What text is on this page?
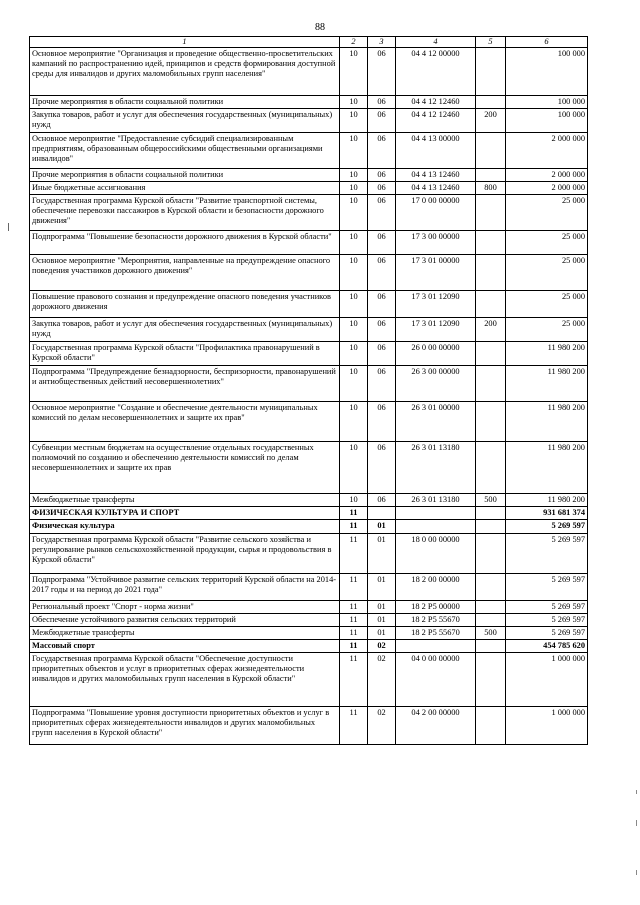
88
1	2	3	4	5	6
Основное мероприятие "Организация и проведение общественно-просветительских кампаний по распространению идей, принципов и средств формирования доступной среды для инвалидов и других маломобильных групп населения"	10	06	04 4 12 00000		100 000
Прочие мероприятия в области социальной политики	10	06	04 4 12 12460		100 000
Закупка товаров, работ и услуг для обеспечения государственных (муниципальных) нужд	10	06	04 4 12 12460	200	100 000
Основное мероприятие "Предоставление субсидий специализированным предприятиям, образованным общероссийскими общественными организациями инвалидов"	10	06	04 4 13 00000		2 000 000
Прочие мероприятия в области социальной политики	10	06	04 4 13 12460		2 000 000
Иные бюджетные ассигнования	10	06	04 4 13 12460	800	2 000 000
Государственная программа Курской области "Развитие транспортной системы, обеспечение перевозки пассажиров в Курской области и безопасности дорожного движения"	10	06	17 0 00 00000		25 000
Подпрограмма "Повышение безопасности дорожного движения в Курской области"	10	06	17 3 00 00000		25 000
Основное мероприятие "Мероприятия, направленные на предупреждение опасного поведения участников дорожного движения"	10	06	17 3 01 00000		25 000
Повышение правового сознания и предупреждение опасного поведения участников дорожного движения	10	06	17 3 01 12090		25 000
Закупка товаров, работ и услуг для обеспечения государственных (муниципальных) нужд	10	06	17 3 01 12090	200	25 000
Государственная программа Курской области "Профилактика правонарушений в Курской области"	10	06	26 0 00 00000		11 980 200
Подпрограмма "Предупреждение безнадзорности, беспризорности, правонарушений и антиобщественных действий несовершеннолетних"	10	06	26 3 00 00000		11 980 200
Основное мероприятие "Создание и обеспечение деятельности муниципальных комиссий по делам несовершеннолетних и защите их прав"	10	06	26 3 01 00000		11 980 200
Субвенции местным бюджетам на осуществление отдельных государственных полномочий по созданию и обеспечению деятельности комиссий по делам несовершеннолетних и защите их прав	10	06	26 3 01 13180		11 980 200
Межбюджетные трансферты	10	06	26 3 01 13180	500	11 980 200
ФИЗИЧЕСКАЯ КУЛЬТУРА И СПОРТ	11				931 681 374
Физическая культура	11	01			5 269 597
Государственная программа Курской области "Развитие сельского хозяйства и регулирование рынков сельскохозяйственной продукции, сырья и продовольствия в Курской области"	11	01	18 0 00 00000		5 269 597
Подпрограмма "Устойчивое развитие сельских территорий Курской области на 2014-2017 годы и на период до 2021 года"	11	01	18 2 00 00000		5 269 597
Региональный проект "Спорт - норма жизни"	11	01	18 2 P5 00000		5 269 597
Обеспечение устойчивого развития сельских территорий	11	01	18 2 P5 55670		5 269 597
Межбюджетные трансферты	11	01	18 2 P5 55670	500	5 269 597
Массовый спорт	11	02			454 785 620
Государственная программа Курской области "Обеспечение доступности приоритетных объектов и услуг в приоритетных сферах жизнедеятельности инвалидов и других маломобильных групп населения в Курской области"	11	02	04 0 00 00000		1 000 000
Подпрограмма "Повышение уровня доступности приоритетных объектов и услуг в приоритетных сферах жизнедеятельности инвалидов и других маломобильных групп населения в Курской области"	11	02	04 2 00 00000		1 000 000
